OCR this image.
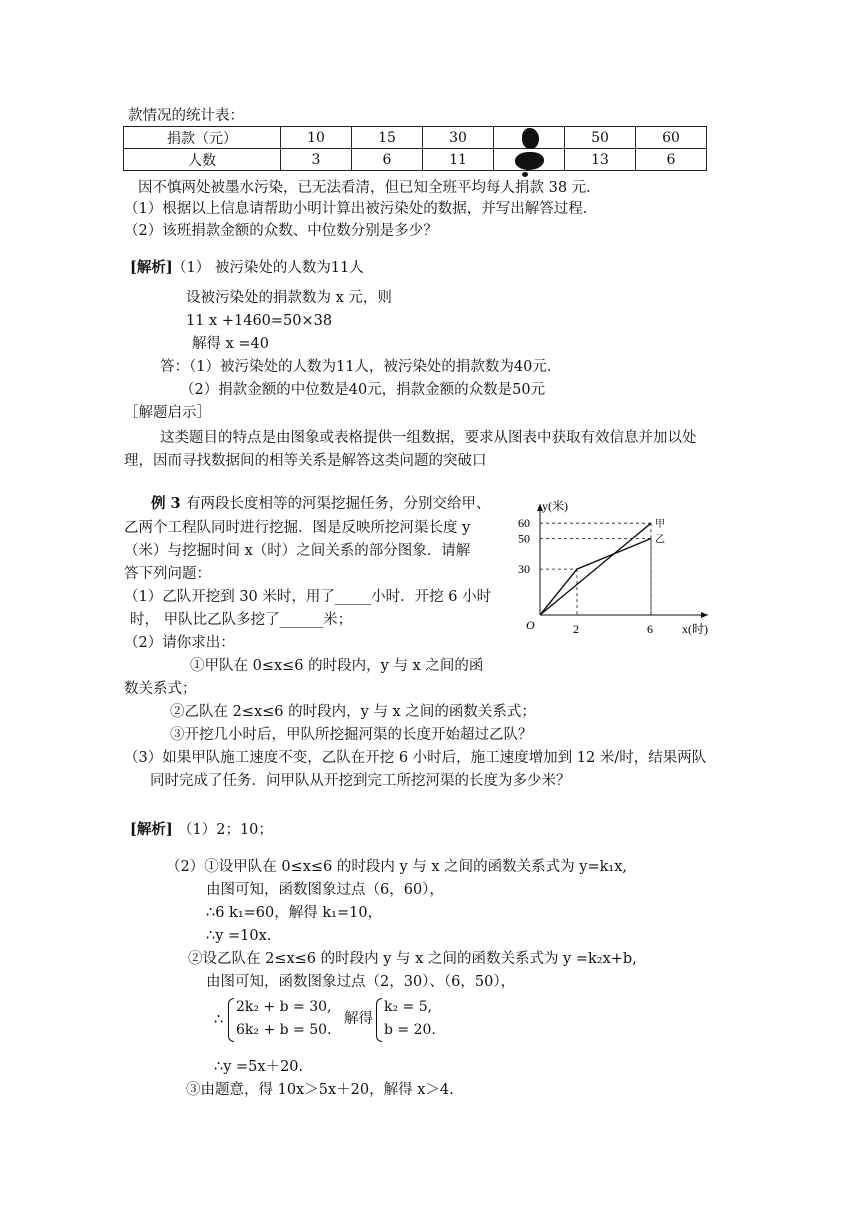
款情况的统计表：
捐款（元）	10	15	30		50	60
人数	3	6	11		13	6
因不慎两处被墨水污染，已无法看清，但已知全班平均每人捐款 38 元．
（1）根据以上信息请帮助小明计算出被污染处的数据，并写出解答过程．
（2）该班捐款金额的众数、中位数分别是多少？
[解析] （1） 被污染处的人数为11人
设被污染处的捐款数为 x 元，则
11 x +1460=50×38
解得 x =40
答：（1）被污染处的人数为11人，被污染处的捐款数为40元．
（2）捐款金额的中位数是40元，捐款金额的众数是50元
［解题启示］
这类题目的特点是由图象或表格提供一组数据，要求从图表中获取有效信息并加以处
理，因而寻找数据间的相等关系是解答这类问题的突破口
例 3 有两段长度相等的河渠挖掘任务，分别交给甲、
乙两个工程队同时进行挖掘．图是反映所挖河渠长度 y
（米）与挖掘时间 x（时）之间关系的部分图象．请解
答下列问题：
（1）乙队开挖到 30 米时，用了_____小时．开挖 6 小时
时， 甲队比乙队多挖了______米；
（2）请你求出：
①甲队在 0≤x≤6 的时段内，y 与 x 之间的函
数关系式；
②乙队在 2≤x≤6 的时段内，y 与 x 之间的函数关系式；
③开挖几小时后，甲队所挖掘河渠的长度开始超过乙队？
（3）如果甲队施工速度不变，乙队在开挖 6 小时后，施工速度增加到 12 米/时，结果两队
同时完成了任务．问甲队从开挖到完工所挖河渠的长度为多少米？
O
y(米)
x(时)
2	6
30
50
60	甲
乙
[解析] （1）2；10；
（2）①设甲队在 0≤x≤6 的时段内 y 与 x 之间的函数关系式为 y=k₁x,
由图可知，函数图象过点（6，60），
∴6 k₁=60，解得 k₁=10，
∴y =10x.
②设乙队在 2≤x≤6 的时段内 y 与 x 之间的函数关系式为 y =k₂x+b,
由图可知，函数图象过点（2，30）、（6，50），
∴
2k₂ + b = 30,
6k₂ + b = 50.
解得
k₂ = 5,
b = 20.
∴y =5x＋20.
③由题意，得 10x＞5x＋20，解得 x＞4.
